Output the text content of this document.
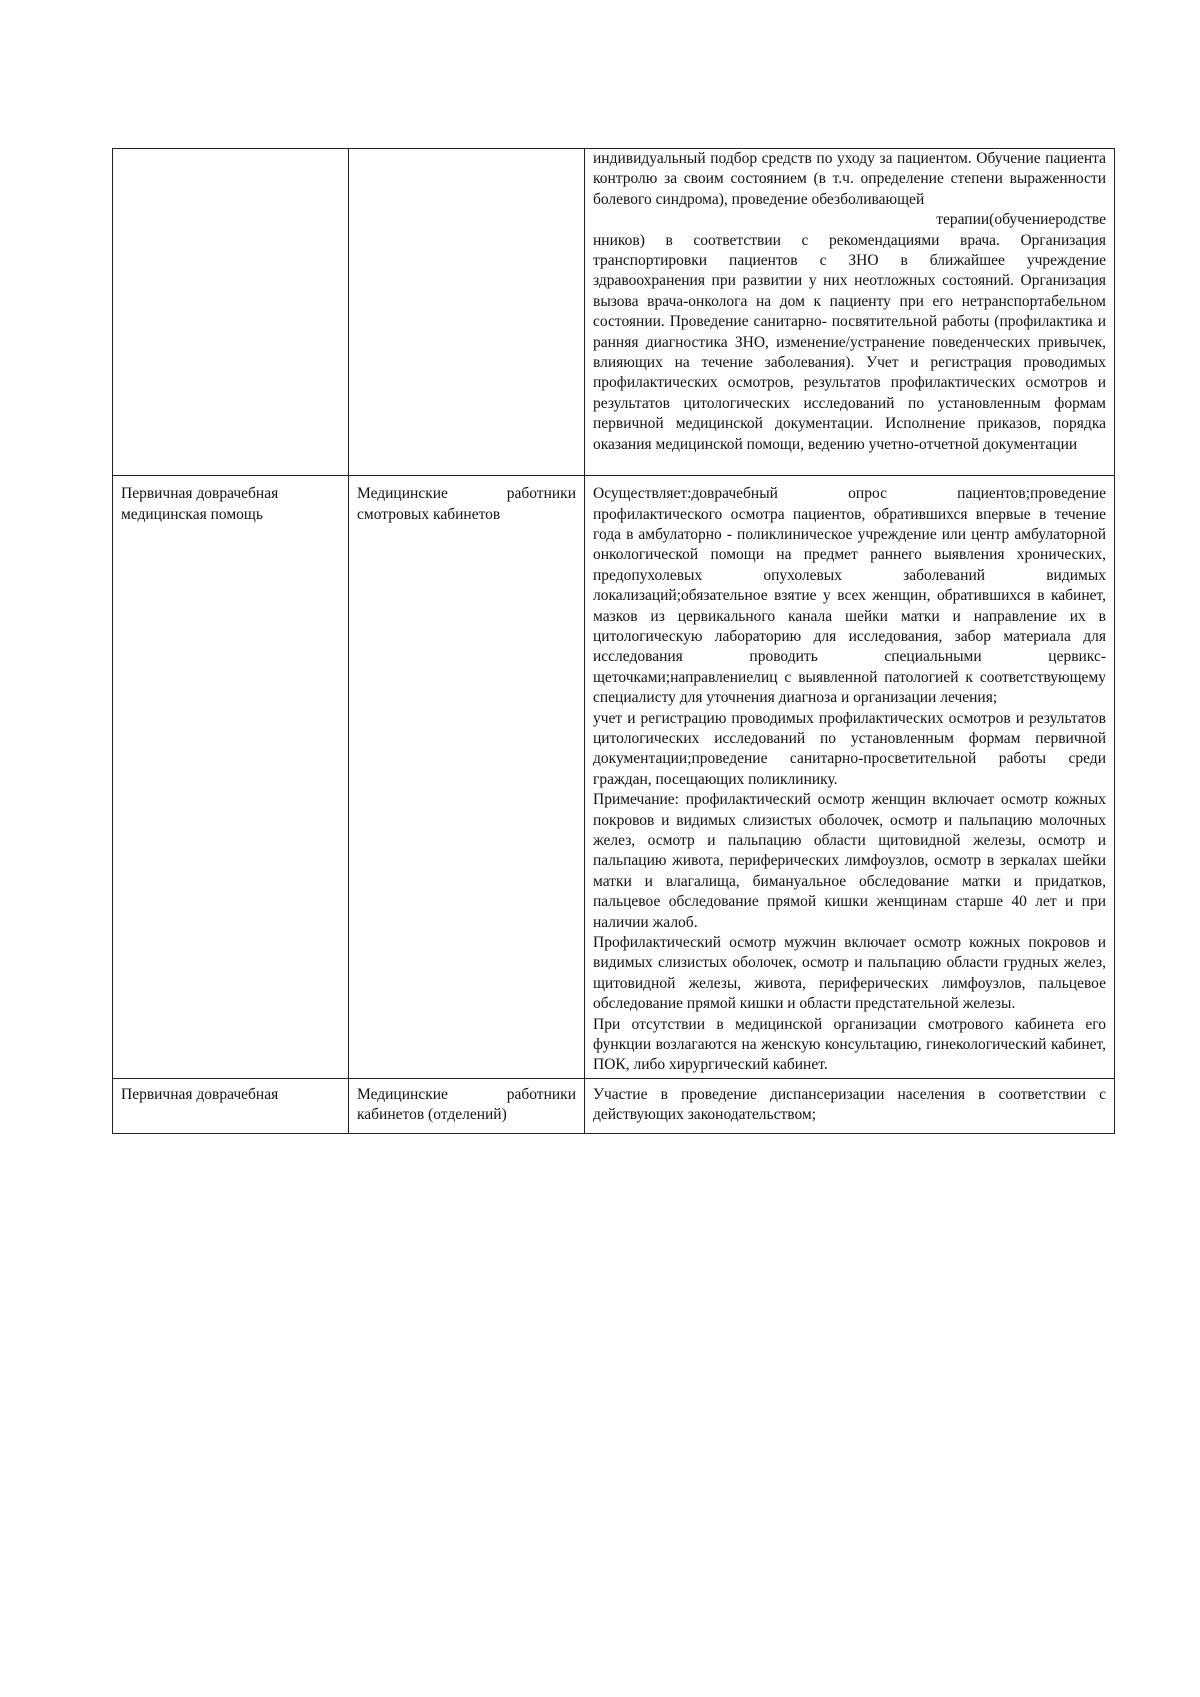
		индивидуальный подбор средств по уходу за пациентом. Обучение пациента контролю за своим состоянием (в т.ч. определение степени выраженности болевого синдрома), проведение обезболивающей

терапии(обучениеродстве

нников) в соответствии с рекомендациями врача. Организация транспортировки пациентов с ЗНО в ближайшее учреждение здравоохранения при развитии у них неотложных состояний. Организация вызова врача-онколога на дом к пациенту при его нетранспортабельном состоянии. Проведение санитарно- посвятительной работы (профилактика и ранняя диагностика ЗНО, изменение/устранение поведенческих привычек, влияющих на течение заболевания). Учет и регистрация проводимых профилактических осмотров, результатов профилактических осмотров и результатов цитологических исследований по установленным формам первичной медицинской документации. Исполнение приказов, порядка оказания медицинской помощи, ведению учетно-отчетной документации

Первичная доврачебная медицинская помощь	Медицинские работники смотровых кабинетов	Осуществляет:доврачебный опрос пациентов;проведение профилактического осмотра пациентов, обратившихся впервые в течение года в амбулаторно - поликлиническое учреждение или центр амбулаторной онкологической помощи на предмет раннего выявления хронических, предопухолевых опухолевых заболеваний видимых локализаций;обязательное взятие у всех женщин, обратившихся в кабинет, мазков из цервикального канала шейки матки и направление их в цитологическую лабораторию для исследования, забор материала для исследования проводить специальными цервикс- щеточками;направлениелиц с выявленной патологией к соответствующему специалисту для уточнения диагноза и организации лечения;

учет и регистрацию проводимых профилактических осмотров и результатов цитологических исследований по установленным формам первичной документации;проведение санитарно-просветительной работы среди граждан, посещающих поликлинику.

Примечание: профилактический осмотр женщин включает осмотр кожных покровов и видимых слизистых оболочек, осмотр и пальпацию молочных желез, осмотр и пальпацию области щитовидной железы, осмотр и пальпацию живота, периферических лимфоузлов, осмотр в зеркалах шейки матки и влагалища, бимануальное обследование матки и придатков, пальцевое обследование прямой кишки женщинам старше 40 лет и при наличии жалоб.

Профилактический осмотр мужчин включает осмотр кожных покровов и видимых слизистых оболочек, осмотр и пальпацию области грудных желез, щитовидной железы, живота, периферических лимфоузлов, пальцевое обследование прямой кишки и области предстательной железы.

При отсутствии в медицинской организации смотрового кабинета его функции возлагаются на женскую консультацию, гинекологический кабинет, ПОК, либо хирургический кабинет.

Первичная доврачебная	Медицинские работники кабинетов (отделений)	Участие в проведение диспансеризации населения в соответствии с действующих законодательством;
